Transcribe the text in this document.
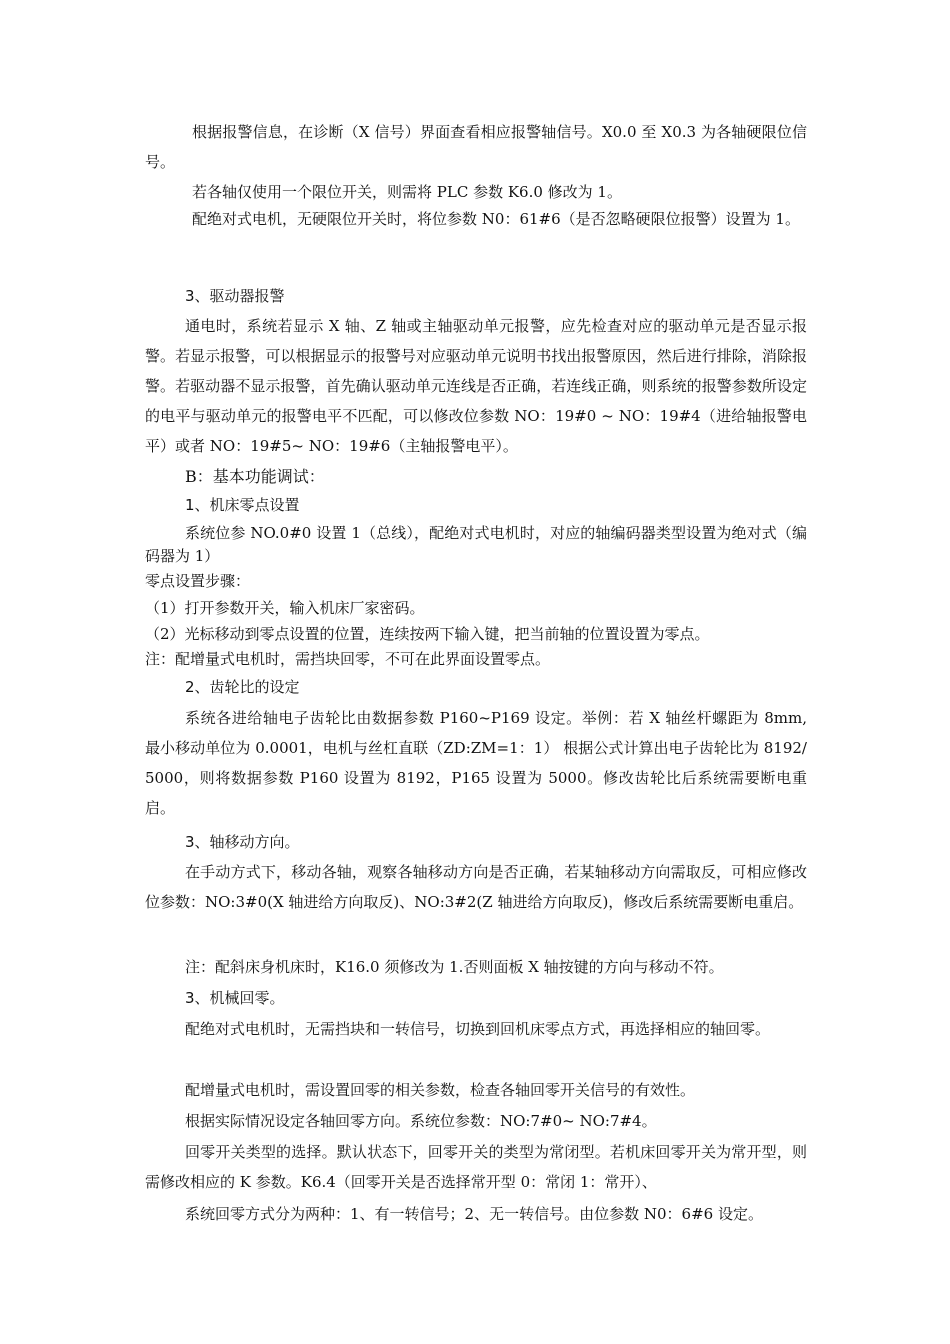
根据报警信息，在诊断（X 信号）界面查看相应报警轴信号。X0.0 至 X0.3 为各轴硬限位信号。

若各轴仅使用一个限位开关，则需将 PLC 参数 K6.0 修改为 1。

配绝对式电机，无硬限位开关时，将位参数 N0：61#6（是否忽略硬限位报警）设置为 1。

3、驱动器报警

通电时，系统若显示 X 轴、Z 轴或主轴驱动单元报警，应先检查对应的驱动单元是否显示报警。若显示报警，可以根据显示的报警号对应驱动单元说明书找出报警原因，然后进行排除，消除报警。若驱动器不显示报警，首先确认驱动单元连线是否正确，若连线正确，则系统的报警参数所设定的电平与驱动单元的报警电平不匹配，可以修改位参数 NO：19#0 ~ NO：19#4（进给轴报警电平）或者 NO：19#5~ NO：19#6（主轴报警电平）。

B：基本功能调试：

1、机床零点设置

系统位参 NO.0#0 设置 1（总线），配绝对式电机时，对应的轴编码器类型设置为绝对式（编码器为 1）

零点设置步骤：

（1）打开参数开关，输入机床厂家密码。

（2）光标移动到零点设置的位置，连续按两下输入键，把当前轴的位置设置为零点。

注：配增量式电机时，需挡块回零，不可在此界面设置零点。

2、齿轮比的设定

系统各进给轴电子齿轮比由数据参数 P160~P169 设定。举例：若 X 轴丝杆螺距为 8mm, 最小移动单位为 0.0001，电机与丝杠直联（ZD:ZM=1：1） 根据公式计算出电子齿轮比为 8192/5000，则将数据参数 P160 设置为 8192，P165 设置为 5000。修改齿轮比后系统需要断电重启。

3、轴移动方向。

在手动方式下，移动各轴，观察各轴移动方向是否正确，若某轴移动方向需取反，可相应修改位参数：NO:3#0(X 轴进给方向取反)、NO:3#2(Z 轴进给方向取反)，修改后系统需要断电重启。

注：配斜床身机床时，K16.0 须修改为 1.否则面板 X 轴按键的方向与移动不符。

3、机械回零。

配绝对式电机时，无需挡块和一转信号，切换到回机床零点方式，再选择相应的轴回零。

配增量式电机时，需设置回零的相关参数，检查各轴回零开关信号的有效性。

根据实际情况设定各轴回零方向。系统位参数：NO:7#0~ NO:7#4。

回零开关类型的选择。默认状态下，回零开关的类型为常闭型。若机床回零开关为常开型，则需修改相应的 K 参数。K6.4（回零开关是否选择常开型 0：常闭 1：常开）、

系统回零方式分为两种：1、有一转信号；2、无一转信号。由位参数 N0：6#6 设定。
